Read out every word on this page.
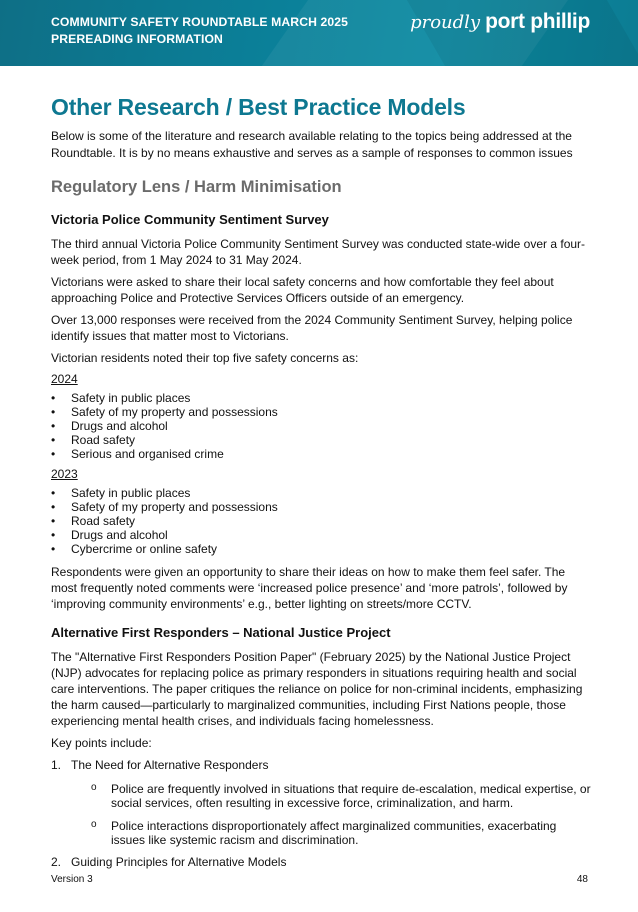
COMMUNITY SAFETY ROUNDTABLE MARCH 2025
PREREADING INFORMATION
proudly port phillip
Other Research / Best Practice Models

Below is some of the literature and research available relating to the topics being addressed at the Roundtable. It is by no means exhaustive and serves as a sample of responses to common issues

Regulatory Lens / Harm Minimisation
Victoria Police Community Sentiment Survey

The third annual Victoria Police Community Sentiment Survey was conducted state-wide over a four-week period, from 1 May 2024 to 31 May 2024.

Victorians were asked to share their local safety concerns and how comfortable they feel about approaching Police and Protective Services Officers outside of an emergency.

Over 13,000 responses were received from the 2024 Community Sentiment Survey, helping police identify issues that matter most to Victorians.

Victorian residents noted their top five safety concerns as:

2024
• Safety in public places
• Safety of my property and possessions
• Drugs and alcohol
• Road safety
• Serious and organised crime
2023
• Safety in public places
• Safety of my property and possessions
• Road safety
• Drugs and alcohol
• Cybercrime or online safety

Respondents were given an opportunity to share their ideas on how to make them feel safer. The most frequently noted comments were ‘increased police presence’ and ‘more patrols’, followed by ‘improving community environments’ e.g., better lighting on streets/more CCTV.

Alternative First Responders – National Justice Project

The "Alternative First Responders Position Paper" (February 2025) by the National Justice Project (NJP) advocates for replacing police as primary responders in situations requiring health and social care interventions. The paper critiques the reliance on police for non-criminal incidents, emphasizing the harm caused—particularly to marginalized communities, including First Nations people, those experiencing mental health crises, and individuals facing homelessness.

Key points include:

1. The Need for Alternative Responders
o Police are frequently involved in situations that require de-escalation, medical expertise, or social services, often resulting in excessive force, criminalization, and harm.
o Police interactions disproportionately affect marginalized communities, exacerbating issues like systemic racism and discrimination.
2. Guiding Principles for Alternative Models
Version 3	48
